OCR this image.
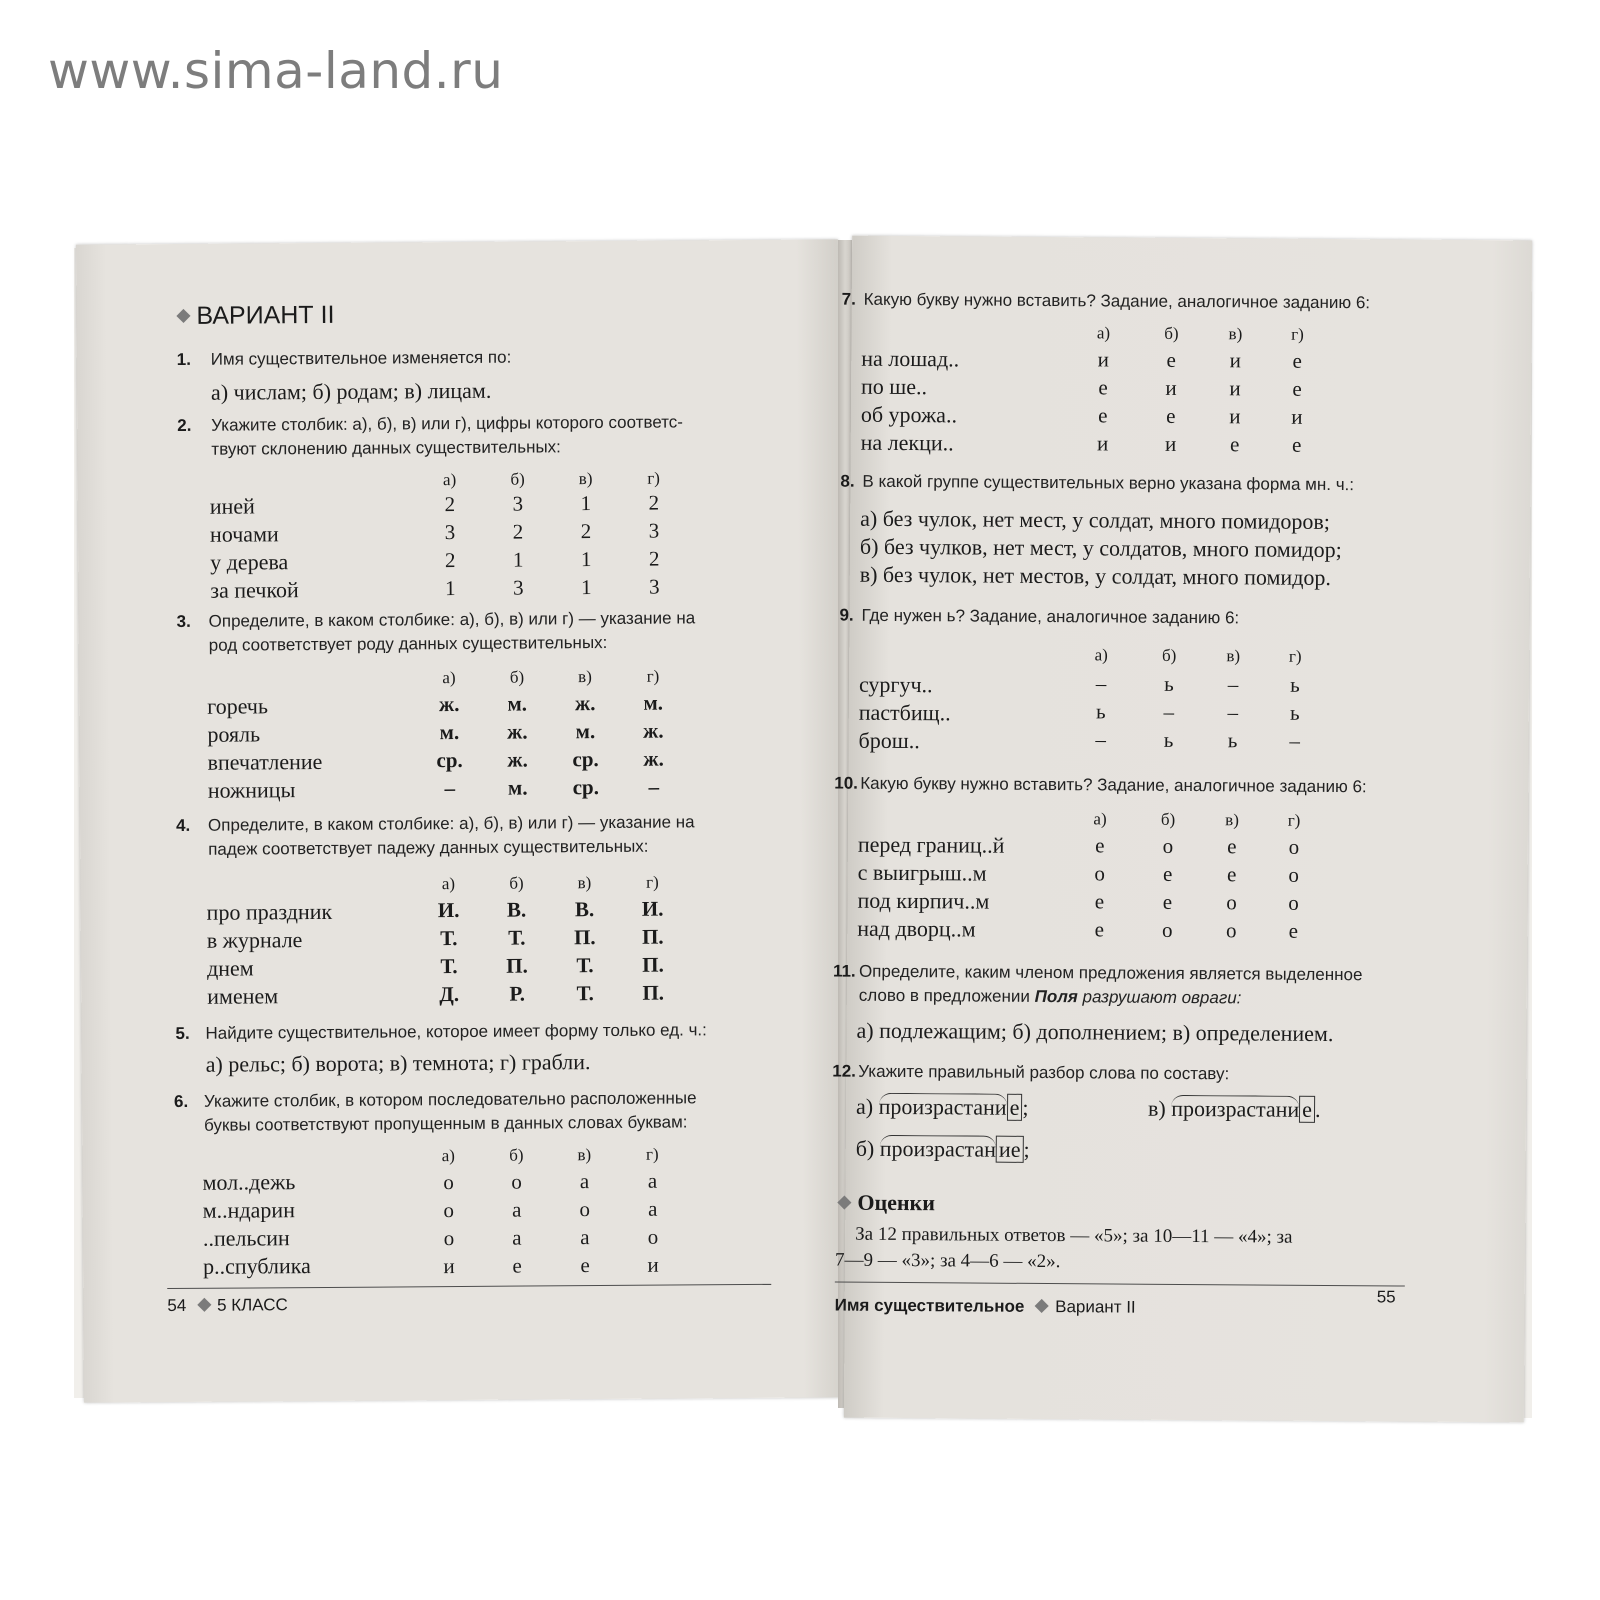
www.sima-land.ru
ВАРИАНТ II
1. Имя существительное изменяется по:
а) числам; б) родам; в) лицам.
2. Укажите столбик: а), б), в) или г), цифры которого соответс-
твуют склонению данных существительных:
а)	б)	в)	г)
иней	2	3	1	2
ночами	3	2	2	3
у дерева	2	1	1	2
за печкой	1	3	1	3
3. Определите, в каком столбике: а), б), в) или г) — указание на
род соответствует роду данных существительных:
а)	б)	в)	г)
горечь	ж.	м.	ж.	м.
рояль	м.	ж.	м.	ж.
впечатление	ср.	ж.	ср.	ж.
ножницы	–	м.	ср.	–
4. Определите, в каком столбике: а), б), в) или г) — указание на
падеж соответствует падежу данных существительных:
а)	б)	в)	г)
про праздник	И.	В.	В.	И.
в журнале	Т.	Т.	П.	П.
днем	Т.	П.	Т.	П.
именем	Д.	Р.	Т.	П.
5. Найдите существительное, которое имеет форму только ед. ч.:
а) рельс; б) ворота; в) темнота; г) грабли.
6. Укажите столбик, в котором последовательно расположенные
буквы соответствуют пропущенным в данных словах буквам:
а)	б)	в)	г)
мол..дежь	о	о	а	а
м..ндарин	о	а	о	а
..пельсин	о	а	а	о
р..спублика	и	е	е	и
54 5 КЛАСС
7. Какую букву нужно вставить? Задание, аналогичное заданию 6:
а)	б)	в)	г)
на лошад..	и	е	и	е
по ше..	е	и	и	е
об урожа..	е	е	и	и
на лекци..	и	и	е	е
8. В какой группе существительных верно указана форма мн. ч.:
а) без чулок, нет мест, у солдат, много помидоров;
б) без чулков, нет мест, у солдатов, много помидор;
в) без чулок, нет местов, у солдат, много помидор.
9. Где нужен ь? Задание, аналогичное заданию 6:
а)	б)	в)	г)
сургуч..	–	ь	–	ь
пастбищ..	ь	–	–	ь
брош..	–	ь	ь	–
10. Какую букву нужно вставить? Задание, аналогичное заданию 6:
а)	б)	в)	г)
перед границ..й	е	о	е	о
с выигрыш..м	о	е	е	о
под кирпич..м	е	е	о	о
над дворц..м	е	о	о	е
11. Определите, каким членом предложения является выделенное
слово в предложении Поля разрушают овраги:
а) подлежащим; б) дополнением; в) определением.
12. Укажите правильный разбор слова по составу:
а) произрастани е ;	в) произрастани е .
б) произрастан ие ;
Оценки
За 12 правильных ответов — «5»; за 10—11 — «4»; за
7—9 — «3»; за 4—6 — «2».
Имя существительное Вариант II
55
